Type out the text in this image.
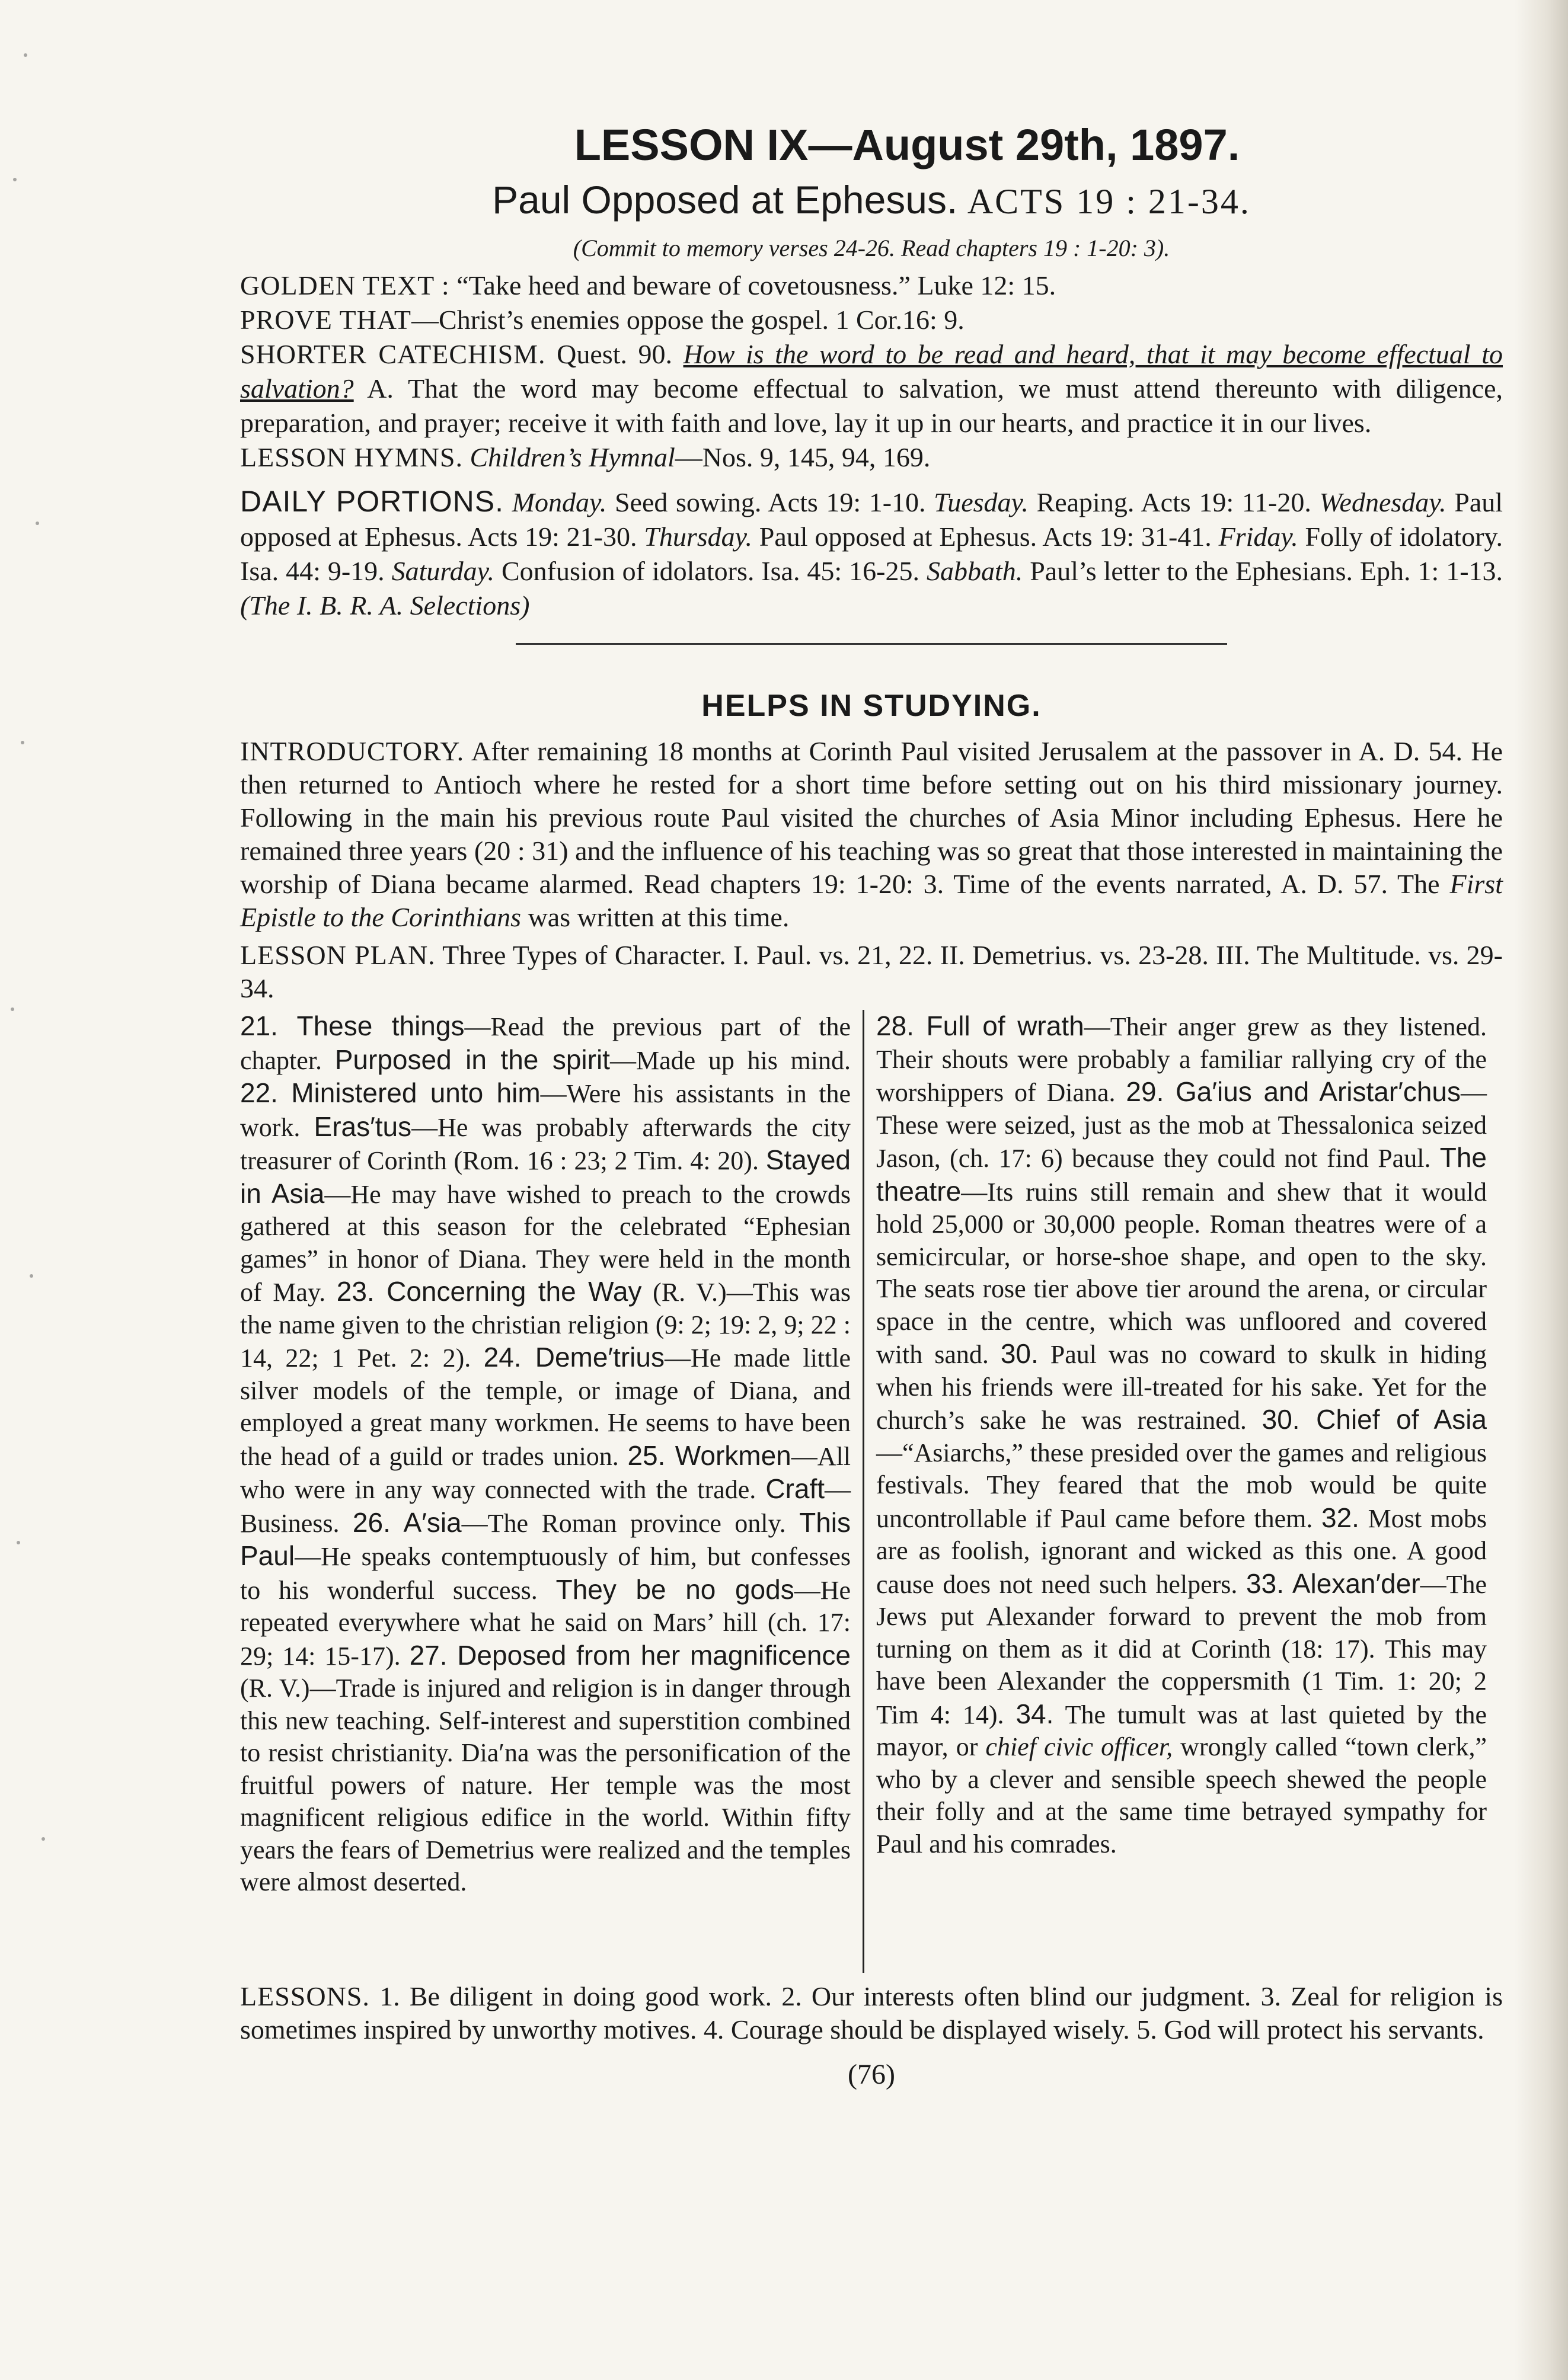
LESSON IX—August 29th, 1897.
Paul Opposed at Ephesus. ACTS 19 : 21-34.
(Commit to memory verses 24-26. Read chapters 19 : 1-20: 3).

GOLDEN TEXT : “Take heed and beware of covetousness.” Luke 12: 15.

PROVE THAT—Christ’s enemies oppose the gospel. 1 Cor.16: 9.

SHORTER CATECHISM. Quest. 90. How is the word to be read and heard, that it may become effectual to salvation? A. That the word may become effectual to salvation, we must attend thereunto with diligence, preparation, and prayer; receive it with faith and love, lay it up in our hearts, and practice it in our lives.

LESSON HYMNS. Children’s Hymnal—Nos. 9, 145, 94, 169.

DAILY PORTIONS. Monday. Seed sowing. Acts 19: 1-10. Tuesday. Reaping. Acts 19: 11-20. Wednesday. Paul opposed at Ephesus. Acts 19: 21-30. Thursday. Paul opposed at Ephesus. Acts 19: 31-41. Friday. Folly of idolatory. Isa. 44: 9-19. Saturday. Confusion of idolators. Isa. 45: 16-25. Sabbath. Paul’s letter to the Ephesians. Eph. 1: 1-13. (The I. B. R. A. Selections)

HELPS IN STUDYING.

INTRODUCTORY. After remaining 18 months at Corinth Paul visited Jerusalem at the passover in A. D. 54. He then returned to Antioch where he rested for a short time before setting out on his third missionary journey. Following in the main his previous route Paul visited the churches of Asia Minor including Ephesus. Here he remained three years (20 : 31) and the influence of his teaching was so great that those interested in maintaining the worship of Diana became alarmed. Read chapters 19: 1-20: 3. Time of the events narrated, A. D. 57. The First Epistle to the Corinthians was written at this time.

LESSON PLAN. Three Types of Character. I. Paul. vs. 21, 22. II. Demetrius. vs. 23-28. III. The Multitude. vs. 29-34.

21. These things—Read the previous part of the chapter. Purposed in the spirit—Made up his mind. 22. Ministered unto him—Were his assistants in the work. Eras′tus—He was probably afterwards the city treasurer of Corinth (Rom. 16 : 23; 2 Tim. 4: 20). Stayed in Asia—He may have wished to preach to the crowds gathered at this season for the celebrated “Ephesian games” in honor of Diana. They were held in the month of May. 23. Concerning the Way (R. V.)—This was the name given to the christian religion (9: 2; 19: 2, 9; 22 : 14, 22; 1 Pet. 2: 2). 24. Deme′trius—He made little silver models of the temple, or image of Diana, and employed a great many workmen. He seems to have been the head of a guild or trades union. 25. Workmen—All who were in any way connected with the trade. Craft—Business. 26. A′sia—The Roman province only. This Paul—He speaks contemptuously of him, but confesses to his wonderful success. They be no gods—He repeated everywhere what he said on Mars’ hill (ch. 17: 29; 14: 15-17). 27. Deposed from her magnificence (R. V.)—Trade is injured and religion is in danger through this new teaching. Self-interest and superstition combined to resist christianity. Dia′na was the personification of the fruitful powers of nature. Her temple was the most magnificent religious edifice in the world. Within fifty years the fears of Demetrius were realized and the temples were almost deserted.
28. Full of wrath—Their anger grew as they listened. Their shouts were probably a familiar rallying cry of the worshippers of Diana. 29. Ga′ius and Aristar′chus—These were seized, just as the mob at Thessalonica seized Jason, (ch. 17: 6) because they could not find Paul. The theatre—Its ruins still remain and shew that it would hold 25,000 or 30,000 people. Roman theatres were of a semicircular, or horse-shoe shape, and open to the sky. The seats rose tier above tier around the arena, or circular space in the centre, which was unfloored and covered with sand. 30. Paul was no coward to skulk in hiding when his friends were ill-treated for his sake. Yet for the church’s sake he was restrained. 30. Chief of Asia—“Asiarchs,” these presided over the games and religious festivals. They feared that the mob would be quite uncontrollable if Paul came before them. 32. Most mobs are as foolish, ignorant and wicked as this one. A good cause does not need such helpers. 33. Alexan′der—The Jews put Alexander forward to prevent the mob from turning on them as it did at Corinth (18: 17). This may have been Alexander the coppersmith (1 Tim. 1: 20; 2 Tim 4: 14). 34. The tumult was at last quieted by the mayor, or chief civic officer, wrongly called “town clerk,” who by a clever and sensible speech shewed the people their folly and at the same time betrayed sympathy for Paul and his comrades.

LESSONS. 1. Be diligent in doing good work. 2. Our interests often blind our judgment. 3. Zeal for religion is sometimes inspired by unworthy motives. 4. Courage should be displayed wisely. 5. God will protect his servants.

(76)
